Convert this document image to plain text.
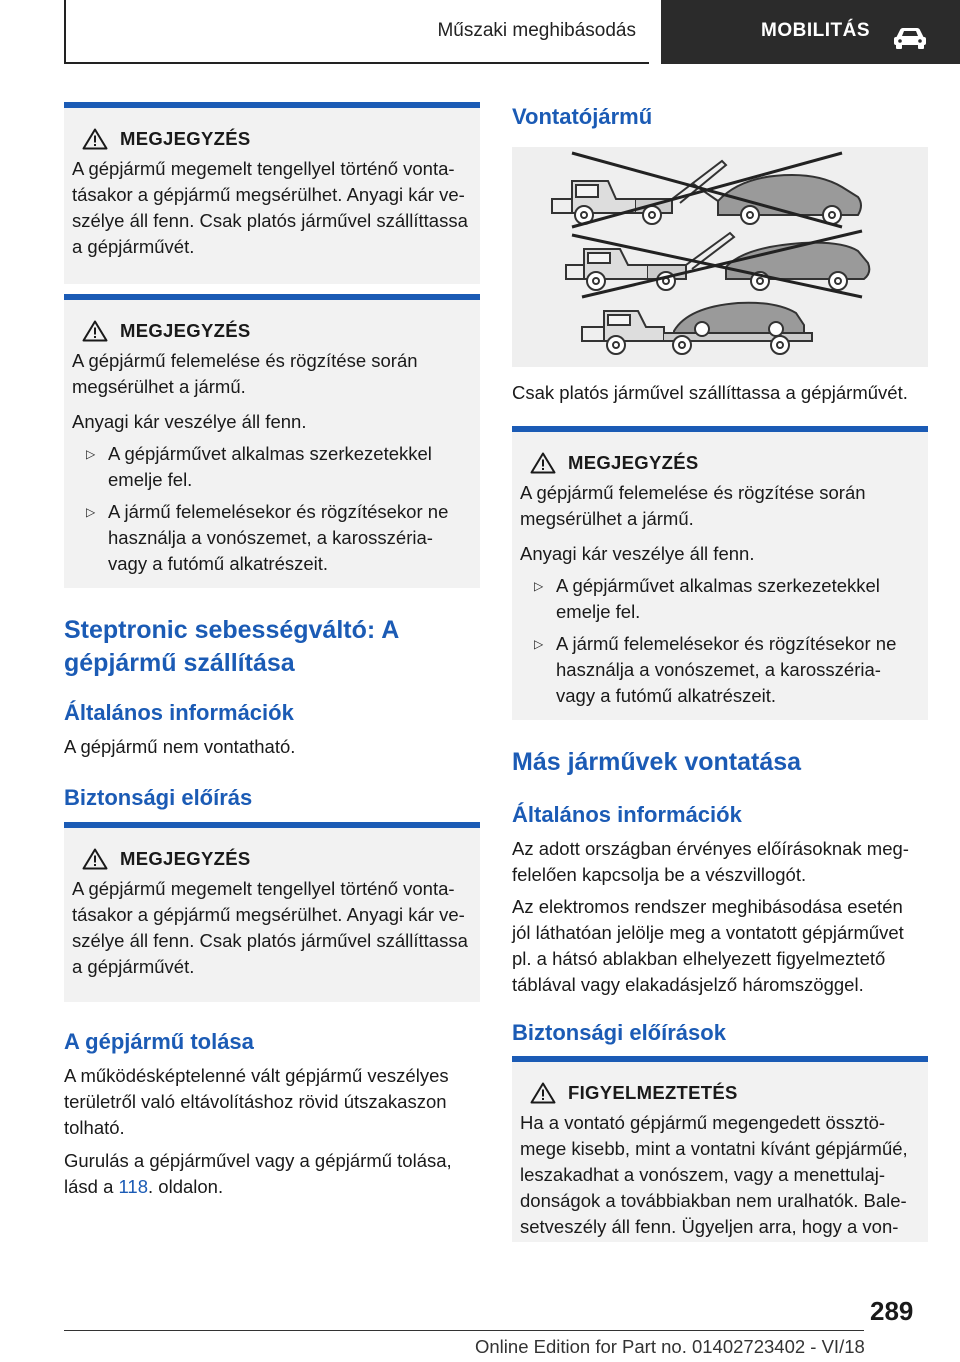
Műszaki meghibásodás	MOBILITÁS
MEGJEGYZÉS
A gépjármű megemelt tengellyel történő vonta-tásakor a gépjármű megsérülhet. Anyagi kár ve-szélye áll fenn. Csak platós járművel szállíttassa a gépjárművét.
MEGJEGYZÉS
A gépjármű felemelése és rögzítése során megsérülhet a jármű.
Anyagi kár veszélye áll fenn.
▷ A gépjárművet alkalmas szerkezetekkel emelje fel.
▷ A jármű felemelésekor és rögzítésekor ne használja a vonószemet, a karosszéria- vagy a futómű alkatrészeit.
Steptronic sebességváltó: A gépjármű szállítása
Általános információk
A gépjármű nem vontatható.
Biztonsági előírás
MEGJEGYZÉS
A gépjármű megemelt tengellyel történő vonta-tásakor a gépjármű megsérülhet. Anyagi kár ve-szélye áll fenn. Csak platós járművel szállíttassa a gépjárművét.
A gépjármű tolása
A működésképtelenné vált gépjármű veszélyes területről való eltávolításhoz rövid útszakaszon tolható.
Gurulás a gépjárművel vagy a gépjármű tolása, lásd a 118. oldalon.
Vontatójármű
Csak platós járművel szállíttassa a gépjárművét.
MEGJEGYZÉS
A gépjármű felemelése és rögzítése során megsérülhet a jármű.
Anyagi kár veszélye áll fenn.
▷ A gépjárművet alkalmas szerkezetekkel emelje fel.
▷ A jármű felemelésekor és rögzítésekor ne használja a vonószemet, a karosszéria- vagy a futómű alkatrészeit.
Más járművek vontatása
Általános információk
Az adott országban érvényes előírásoknak meg-felelően kapcsolja be a vészvillogót.
Az elektromos rendszer meghibásodása esetén jól láthatóan jelölje meg a vontatott gépjárművet pl. a hátsó ablakban elhelyezett figyelmeztető táblával vagy elakadásjelző háromszöggel.
Biztonsági előírások
FIGYELMEZTETÉS
Ha a vontató gépjármű megengedett össztö-mege kisebb, mint a vontatni kívánt gépjárműé, leszakadhat a vonószem, vagy a menettulaj-donságok a továbbiakban nem uralhatók. Bale-setveszély áll fenn. Ügyeljen arra, hogy a von-
289
Online Edition for Part no. 01402723402 - VI/18
